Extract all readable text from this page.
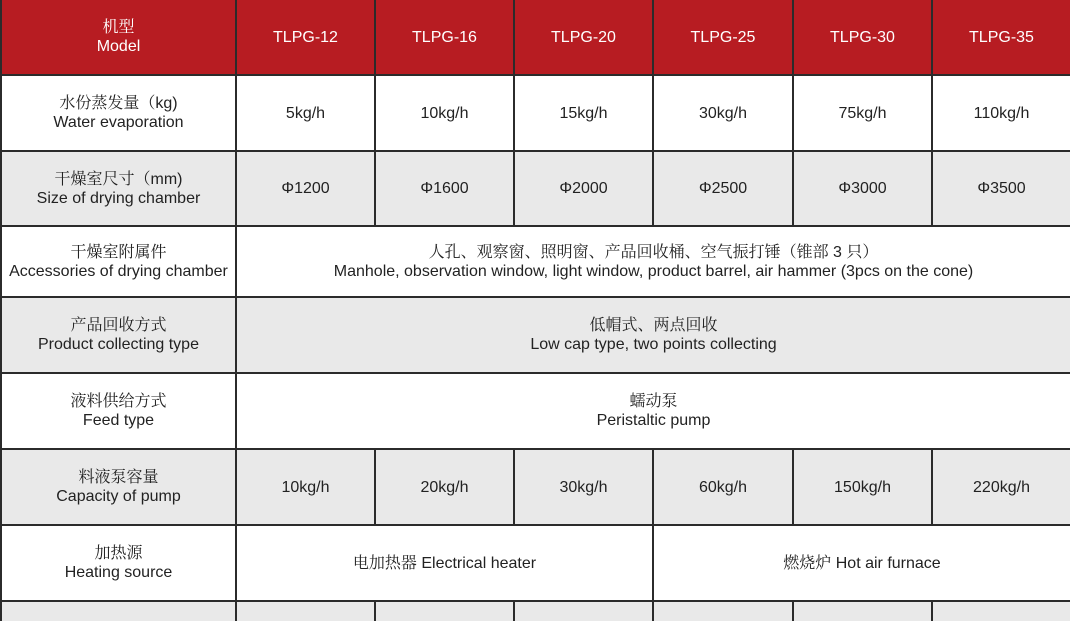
机型
Model	TLPG-12	TLPG-16	TLPG-20	TLPG-25	TLPG-30	TLPG-35

水份蒸发量（kg)
Water evaporation	5kg/h	10kg/h	15kg/h	30kg/h	75kg/h	110kg/h

干燥室尺寸（mm)
Size of drying chamber	Φ1200	Φ1600	Φ2000	Φ2500	Φ3000	Φ3500

干燥室附属件
Accessories of drying chamber	人孔、观察窗、照明窗、产品回收桶、空气振打锤（锥部 3 只）
Manhole, observation window, light window, product barrel, air hammer (3pcs on the cone)					

产品回收方式
Product collecting type	低帽式、两点回收
Low cap type, two points collecting					

液料供给方式
Feed type	蠕动泵
Peristaltic pump					

料液泵容量
Capacity of pump	10kg/h	20kg/h	30kg/h	60kg/h	150kg/h	220kg/h

加热源
Heating source	电加热器 Electrical heater			燃烧炉 Hot air furnace		
